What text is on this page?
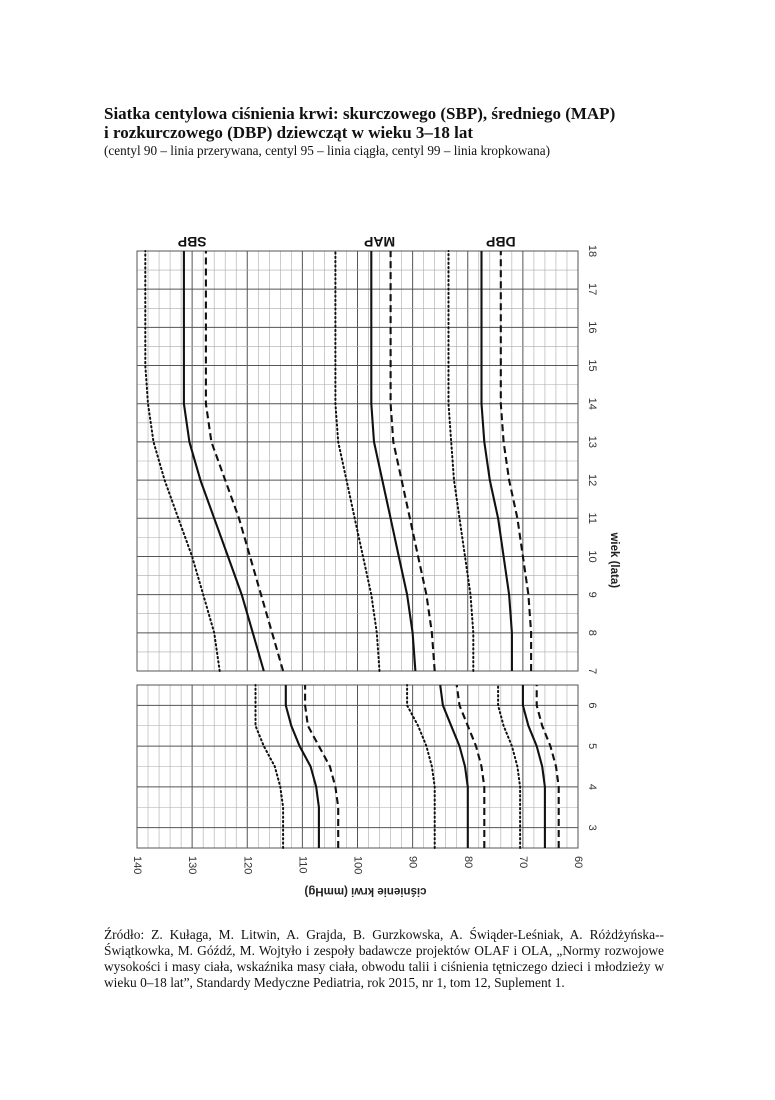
Siatka centylowa ciśnienia krwi: skurczowego (SBP), średniego (MAP)
i rozkurczowego (DBP) dziewcząt w wieku 3–18 lat
(centyl 90 – linia przerywana, centyl 95 – linia ciągła, centyl 99 – linia kropkowana)
60
70
80
90
100
110
120
130
140
3
4
5
6
7
8
9
10
11
12
13
14
15
16
17
18
SBP	MAP	DBP
ciśnienie krwi (mmHg)
wiek (lata)
Źródło: Z. Kułaga, M. Litwin, A. Grajda, B. Gurzkowska, A. Świąder-Leśniak, A. Różdżyńska--Świątkowka, M. Góźdź, M. Wojtyło i zespoły badawcze projektów OLAF i OLA, „Normy rozwojowe wysokości i masy ciała, wskaźnika masy ciała, obwodu talii i ciśnienia tętniczego dzieci i młodzieży w wieku 0–18 lat”, Standardy Medyczne Pediatria, rok 2015, nr 1, tom 12, Suplement 1.
